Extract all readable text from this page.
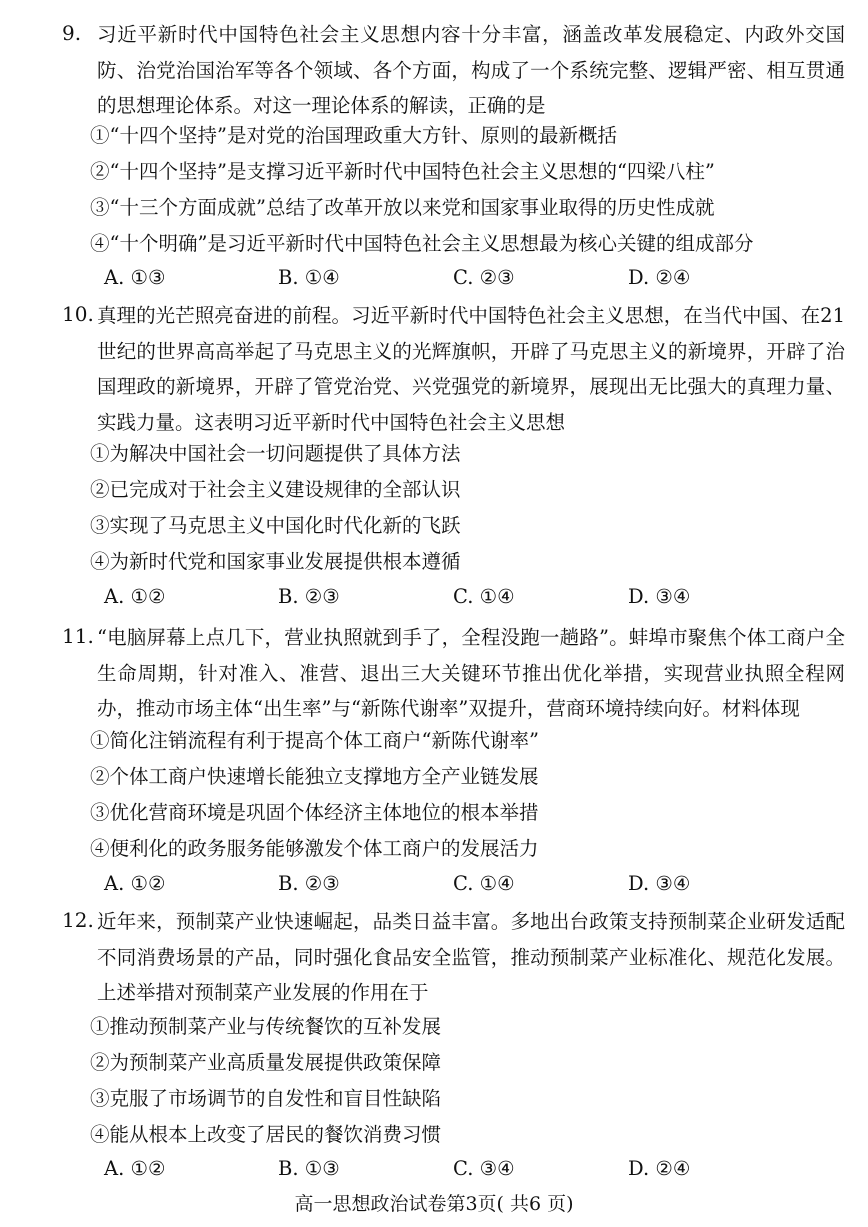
9. 习近平新时代中国特色社会主义思想内容十分丰富，涵盖改革发展稳定、内政外交国防、治党治国治军等各个领域、各个方面，构成了一个系统完整、逻辑严密、相互贯通的思想理论体系。对这一理论体系的解读，正确的是
①“十四个坚持”是对党的治国理政重大方针、原则的最新概括
②“十四个坚持”是支撑习近平新时代中国特色社会主义思想的“四梁八柱”
③“十三个方面成就”总结了改革开放以来党和国家事业取得的历史性成就
④“十个明确”是习近平新时代中国特色社会主义思想最为核心关键的组成部分
A. ①③	B. ①④	C. ②③	D. ②④
10. 真理的光芒照亮奋进的前程。习近平新时代中国特色社会主义思想，在当代中国、在21世纪的世界高高举起了马克思主义的光辉旗帜，开辟了马克思主义的新境界，开辟了治国理政的新境界，开辟了管党治党、兴党强党的新境界，展现出无比强大的真理力量、实践力量。这表明习近平新时代中国特色社会主义思想
①为解决中国社会一切问题提供了具体方法
②已完成对于社会主义建设规律的全部认识
③实现了马克思主义中国化时代化新的飞跃
④为新时代党和国家事业发展提供根本遵循
A. ①②	B. ②③	C. ①④	D. ③④
11. “电脑屏幕上点几下，营业执照就到手了，全程没跑一趟路”。蚌埠市聚焦个体工商户全生命周期，针对准入、准营、退出三大关键环节推出优化举措，实现营业执照全程网办，推动市场主体“出生率”与“新陈代谢率”双提升，营商环境持续向好。材料体现
①简化注销流程有利于提高个体工商户“新陈代谢率”
②个体工商户快速增长能独立支撑地方全产业链发展
③优化营商环境是巩固个体经济主体地位的根本举措
④便利化的政务服务能够激发个体工商户的发展活力
A. ①②	B. ②③	C. ①④	D. ③④
12. 近年来，预制菜产业快速崛起，品类日益丰富。多地出台政策支持预制菜企业研发适配不同消费场景的产品，同时强化食品安全监管，推动预制菜产业标准化、规范化发展。上述举措对预制菜产业发展的作用在于
①推动预制菜产业与传统餐饮的互补发展
②为预制菜产业高质量发展提供政策保障
③克服了市场调节的自发性和盲目性缺陷
④能从根本上改变了居民的餐饮消费习惯
A. ①②	B. ①③	C. ③④	D. ②④
高一思想政治试卷第3页( 共6 页)
